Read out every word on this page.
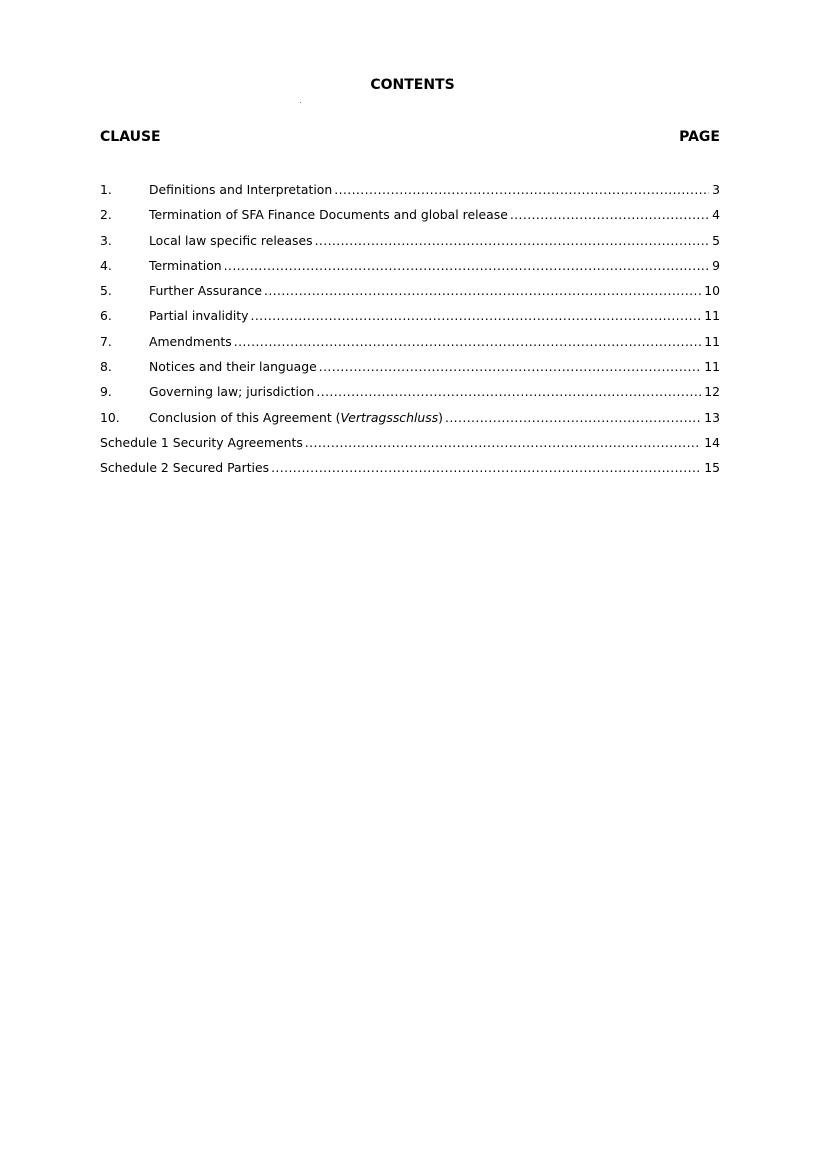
CONTENTS
CLAUSE	PAGE
1.	Definitions and Interpretation .....	3
2.	Termination of SFA Finance Documents and global release .....	4
3.	Local law specific releases .....	5
4.	Termination .....	9
5.	Further Assurance .....	10
6.	Partial invalidity .....	11
7.	Amendments .....	11
8.	Notices and their language .....	11
9.	Governing law; jurisdiction .....	12
10.	Conclusion of this Agreement (Vertragsschluss) .....	13
Schedule 1 Security Agreements .....	14
Schedule 2 Secured Parties .....	15
